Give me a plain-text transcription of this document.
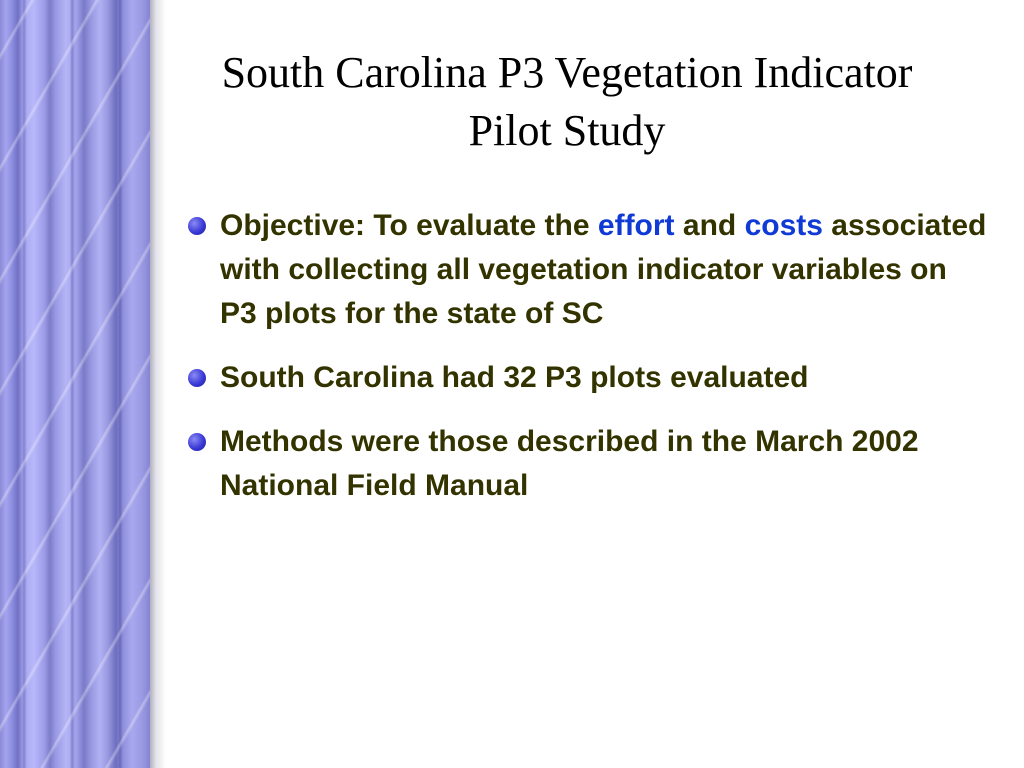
South Carolina P3 Vegetation Indicator
Pilot Study
Objective: To evaluate the effort and costs associated with collecting all vegetation indicator variables on P3 plots for the state of SC
South Carolina had 32 P3 plots evaluated
Methods were those described in the March 2002 National Field Manual
